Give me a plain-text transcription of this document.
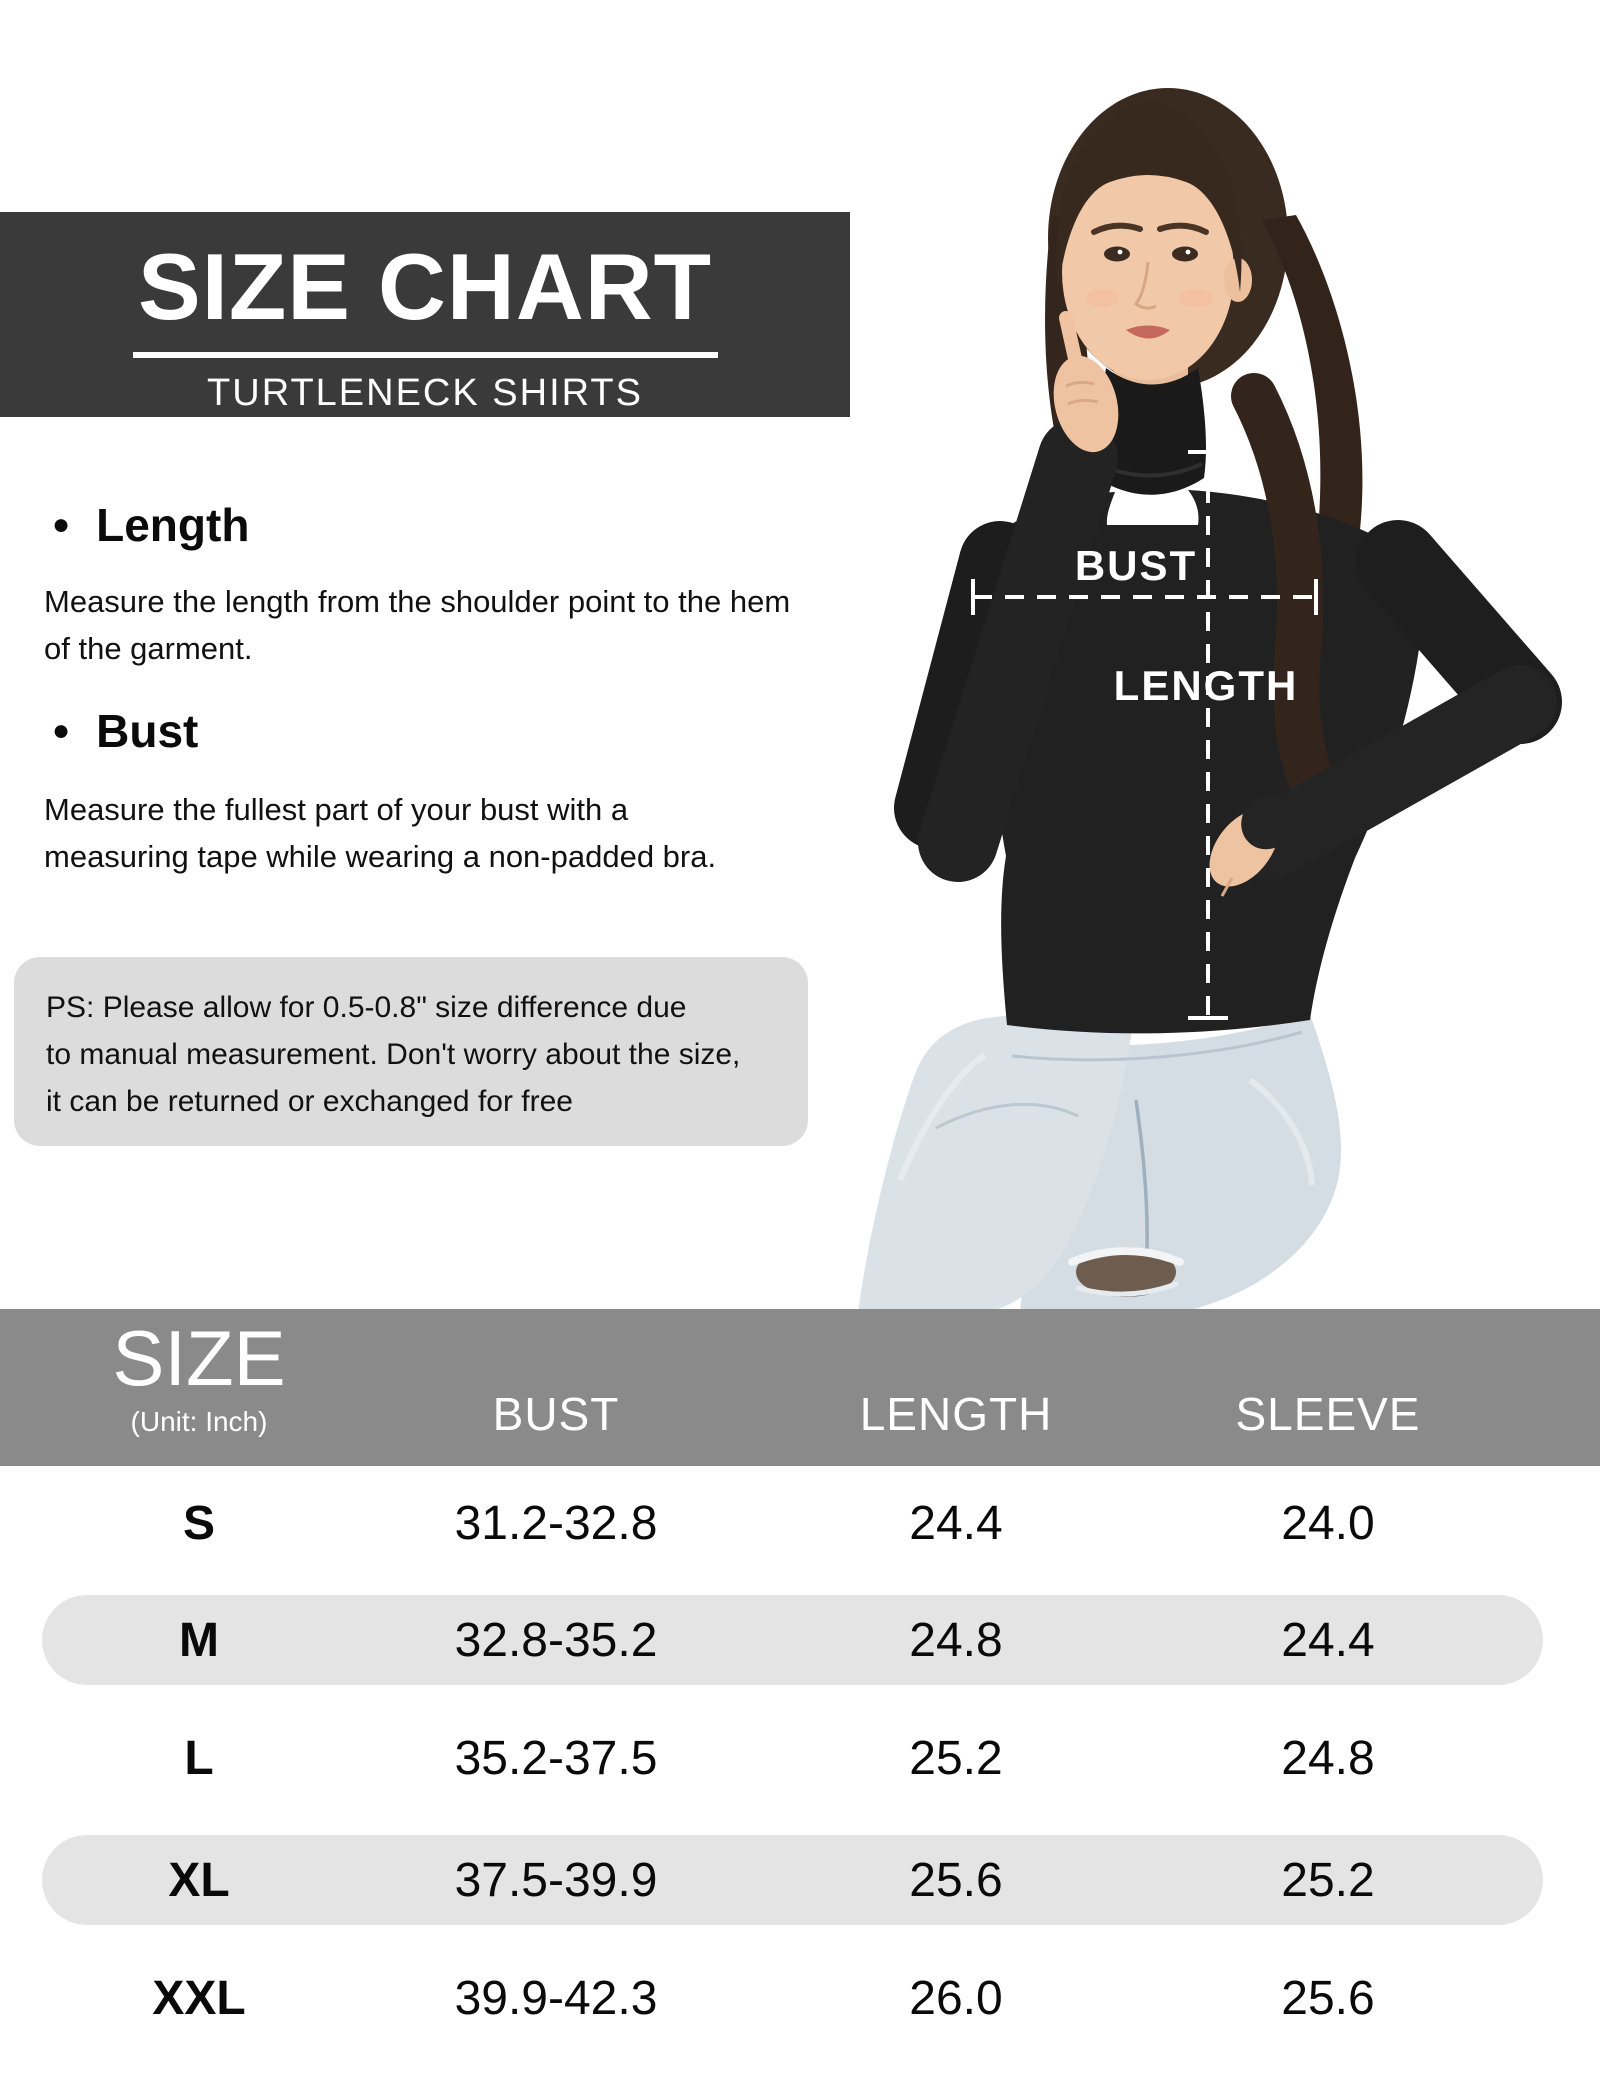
SIZE CHART
TURTLENECK SHIRTS
● Length
Measure the length from the shoulder point to the hem
of the garment.
● Bust
Measure the fullest part of your bust with a
measuring tape while wearing a non-padded bra.
PS: Please allow for 0.5-0.8" size difference due
to manual measurement. Don't worry about the size,
it can be returned or exchanged for free
BUST
LENGTH
SIZE
(Unit: Inch)	BUST	LENGTH	SLEEVE
S	31.2-32.8	24.4	24.0
M	32.8-35.2	24.8	24.4
L	35.2-37.5	25.2	24.8
XL	37.5-39.9	25.6	25.2
XXL	39.9-42.3	26.0	25.6
